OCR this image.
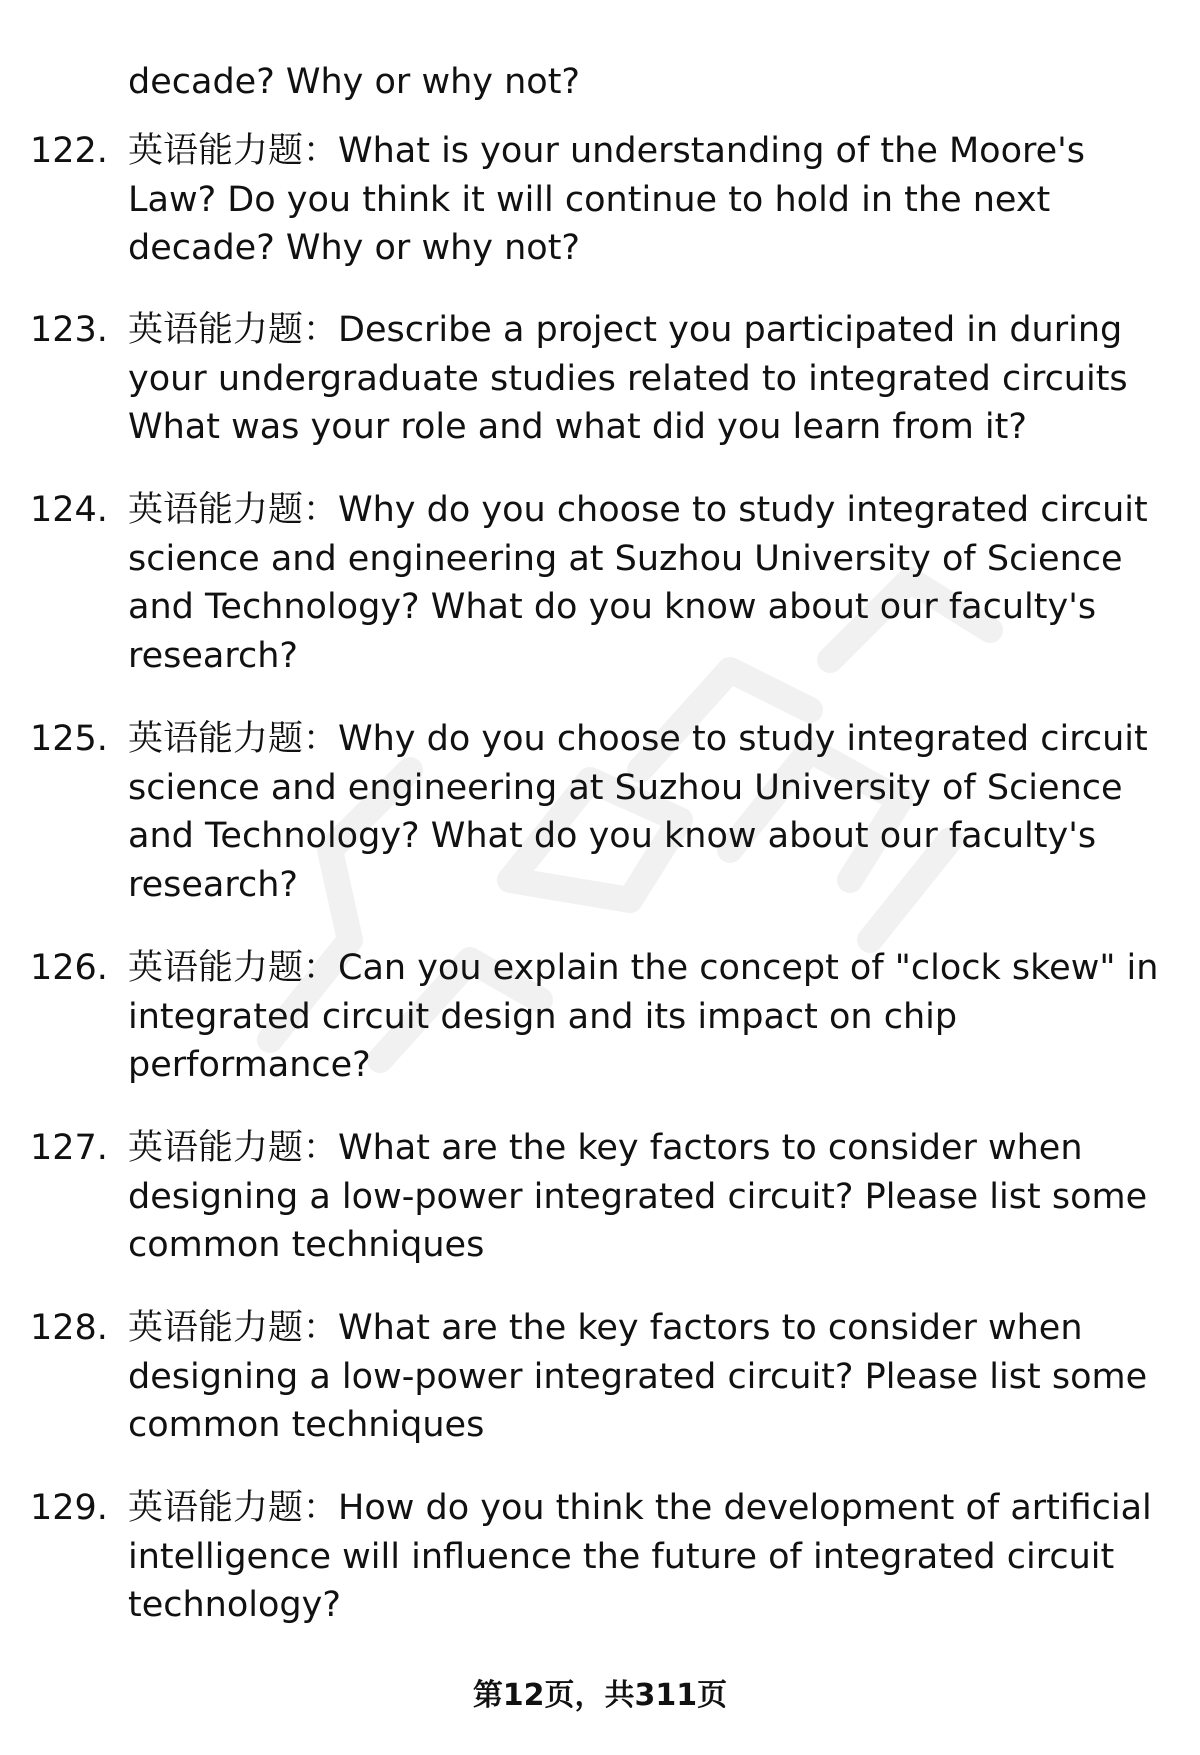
decade? Why or why not?
122. 英语能力题：What is your understanding of the Moore's
Law? Do you think it will continue to hold in the next
decade? Why or why not?
123. 英语能力题：Describe a project you participated in during
your undergraduate studies related to integrated circuits
What was your role and what did you learn from it?
124. 英语能力题：Why do you choose to study integrated circuit
science and engineering at Suzhou University of Science
and Technology? What do you know about our faculty's
research?
125. 英语能力题：Why do you choose to study integrated circuit
science and engineering at Suzhou University of Science
and Technology? What do you know about our faculty's
research?
126. 英语能力题：Can you explain the concept of "clock skew" in
integrated circuit design and its impact on chip
performance?
127. 英语能力题：What are the key factors to consider when
designing a low-power integrated circuit? Please list some
common techniques
128. 英语能力题：What are the key factors to consider when
designing a low-power integrated circuit? Please list some
common techniques
129. 英语能力题：How do you think the development of artificial
intelligence will influence the future of integrated circuit
technology?
第12页，共311页
